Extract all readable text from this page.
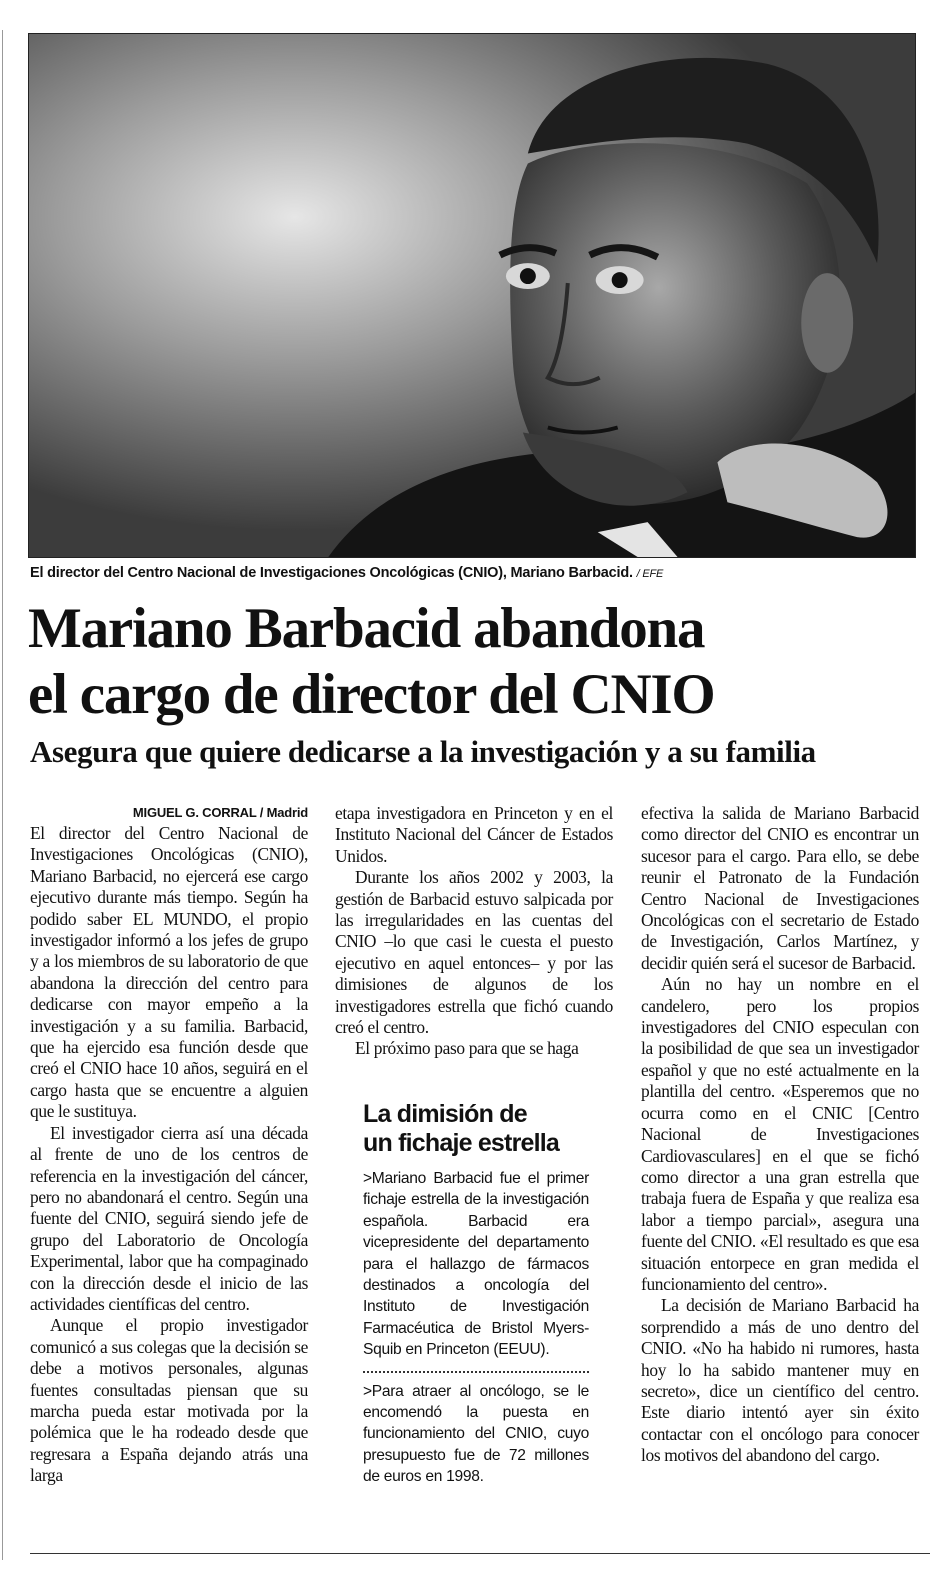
El director del Centro Nacional de Investigaciones Oncológicas (CNIO), Mariano Barbacid. / EFE
Mariano Barbacid abandona
el cargo de director del CNIO
Asegura que quiere dedicarse a la investigación y a su familia
MIGUEL G. CORRAL / Madrid

El director del Centro Nacional de Investigaciones Oncológicas (CNIO), Mariano Barbacid, no ejercerá ese cargo ejecutivo durante más tiempo. Según ha podido saber EL MUNDO, el propio investigador informó a los jefes de grupo y a los miembros de su laboratorio de que abandona la dirección del centro para dedicarse con mayor empeño a la investigación y a su familia. Barbacid, que ha ejercido esa función desde que creó el CNIO hace 10 años, seguirá en el cargo hasta que se encuentre a alguien que le sustituya.

El investigador cierra así una década al frente de uno de los centros de referencia en la investigación del cáncer, pero no abandonará el centro. Según una fuente del CNIO, seguirá siendo jefe de grupo del Laboratorio de Oncología Experimental, labor que ha compaginado con la dirección desde el inicio de las actividades científicas del centro.

Aunque el propio investigador comunicó a sus colegas que la decisión se debe a motivos personales, algunas fuentes consultadas piensan que su marcha pueda estar motivada por la polémica que le ha rodeado desde que regresara a España dejando atrás una larga

etapa investigadora en Princeton y en el Instituto Nacional del Cáncer de Estados Unidos.

Durante los años 2002 y 2003, la gestión de Barbacid estuvo salpicada por las irregularidades en las cuentas del CNIO –lo que casi le cuesta el puesto ejecutivo en aquel entonces– y por las dimisiones de algunos de los investigadores estrella que fichó cuando creó el centro.

El próximo paso para que se haga

La dimisión de
un fichaje estrella

>Mariano Barbacid fue el primer fichaje estrella de la investigación española. Barbacid era vicepresidente del departamento para el hallazgo de fármacos destinados a oncología del Instituto de Investigación Farmacéutica de Bristol Myers-Squib en Princeton (EEUU).

>Para atraer al oncólogo, se le encomendó la puesta en funcionamiento del CNIO, cuyo presupuesto fue de 72 millones de euros en 1998.

efectiva la salida de Mariano Barbacid como director del CNIO es encontrar un sucesor para el cargo. Para ello, se debe reunir el Patronato de la Fundación Centro Nacional de Investigaciones Oncológicas con el secretario de Estado de Investigación, Carlos Martínez, y decidir quién será el sucesor de Barbacid.

Aún no hay un nombre en el candelero, pero los propios investigadores del CNIO especulan con la posibilidad de que sea un investigador español y que no esté actualmente en la plantilla del centro. «Esperemos que no ocurra como en el CNIC [Centro Nacional de Investigaciones Cardiovasculares] en el que se fichó como director a una gran estrella que trabaja fuera de España y que realiza esa labor a tiempo parcial», asegura una fuente del CNIO. «El resultado es que esa situación entorpece en gran medida el funcionamiento del centro».

La decisión de Mariano Barbacid ha sorprendido a más de uno dentro del CNIO. «No ha habido ni rumores, hasta hoy lo ha sabido mantener muy en secreto», dice un científico del centro. Este diario intentó ayer sin éxito contactar con el oncólogo para conocer los motivos del abandono del cargo.
